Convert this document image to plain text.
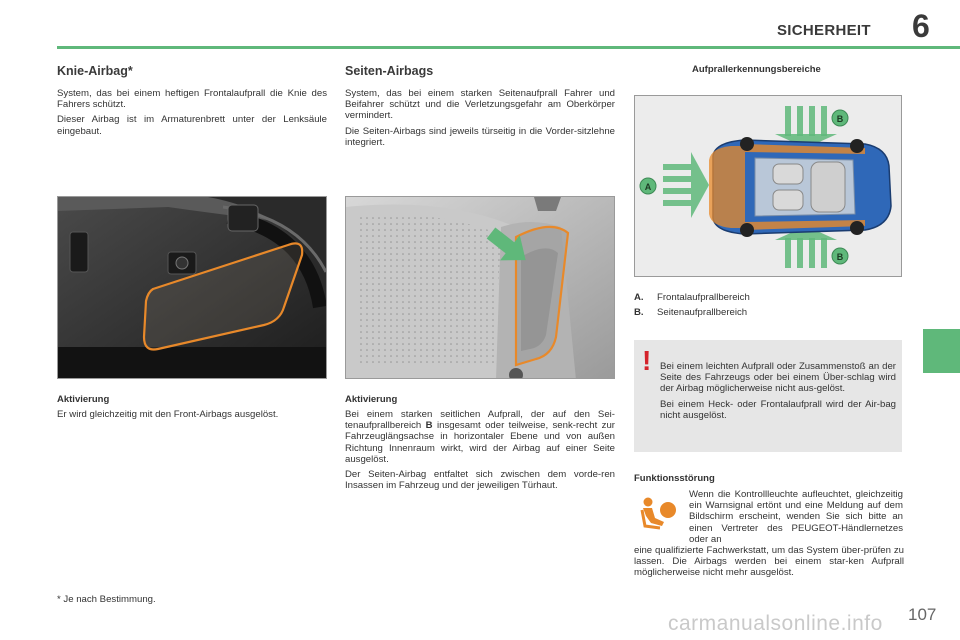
SICHERHEIT 6
Knie-Airbag*

System, das bei einem heftigen Frontalaufprall die Knie des Fahrers schützt.

Dieser Airbag ist im Armaturenbrett unter der Lenksäule eingebaut.

Aktivierung
Er wird gleichzeitig mit den Front-Airbags ausgelöst.
Seiten-Airbags

System, das bei einem starken Seitenaufprall Fahrer und Beifahrer schützt und die Verletzungsgefahr am Oberkörper vermindert.

Die Seiten-Airbags sind jeweils türseitig in die Vorder-sitzlehne integriert.

Aktivierung

Bei einem starken seitlichen Aufprall, der auf den Sei-tenaufprallbereich B insgesamt oder teilweise, senk-recht zur Fahrzeuglängsachse in horizontaler Ebene und von außen Richtung Innenraum wirkt, wird der Airbag auf einer Seite ausgelöst.

Der Seiten-Airbag entfaltet sich zwischen dem vorde-ren Insassen im Fahrzeug und der jeweiligen Türhaut.

Aufprallerkennungsbereiche
A
B
B
A. Frontalaufprallbereich
B. Seitenaufprallbereich
! Bei einem leichten Aufprall oder Zusammenstoß an der Seite des Fahrzeugs oder bei einem Über-schlag wird der Airbag möglicherweise nicht aus-gelöst.

Bei einem Heck- oder Frontalaufprall wird der Air-bag nicht ausgelöst.

Funktionsstörung
Wenn die Kontrollleuchte aufleuchtet, gleichzeitig ein Warnsignal ertönt und eine Meldung auf dem Bildschirm erscheint, wenden Sie sich bitte an einen Vertreter des PEUGEOT-Händlernetzes oder an
eine qualifizierte Fachwerkstatt, um das System über-prüfen zu lassen. Die Airbags werden bei einem star-ken Aufprall möglicherweise nicht mehr ausgelöst.
* Je nach Bestimmung.
107
carmanualsonline.info
